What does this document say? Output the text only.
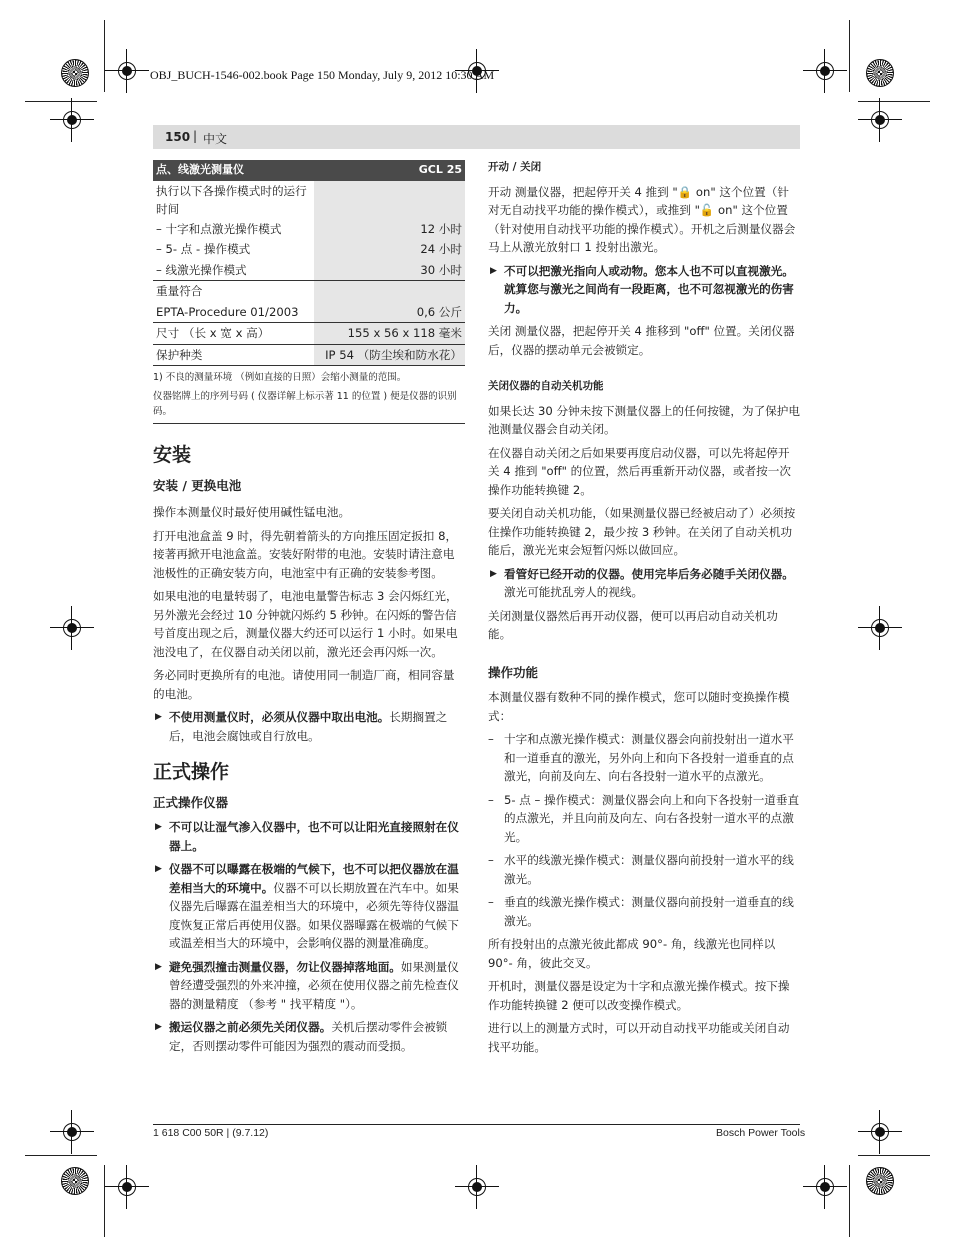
OBJ_BUCH-1546-002.book Page 150 Monday, July 9, 2012 10:30 AM
150 | 中文
点、线激光测量仪	GCL 25
执行以下各操作模式时的运行时间	
– 十字和点激光操作模式	12 小时
– 5- 点 - 操作模式	24 小时
– 线激光操作模式	30 小时
重量符合	
EPTA-Procedure 01/2003	0,6 公斤
尺寸 （长 x 宽 x 高）	155 x 56 x 118 毫米
保护种类	IP 54 （防尘埃和防水花）
1) 不良的测量环境 （例如直接的日照）会缩小测量的范围。
仪器铭牌上的序列号码 ( 仪器详解上标示著 11 的位置 ) 便是仪器的识别码。
安装
安装 / 更换电池

操作本测量仪时最好使用碱性锰电池。

打开电池盒盖 9 时，得先朝着箭头的方向推压固定扳扣 8，接著再掀开电池盒盖。安装好附带的电池。安装时请注意电池极性的正确安装方向，电池室中有正确的安装参考图。

如果电池的电量转弱了，电池电量警告标志 3 会闪烁红光，另外激光会经过 10 分钟就闪烁约 5 秒钟。在闪烁的警告信号首度出现之后，测量仪器大约还可以运行 1 小时。如果电池没电了，在仪器自动关闭以前，激光还会再闪烁一次。

务必同时更换所有的电池。请使用同一制造厂商，相同容量的电池。

▶ 不使用测量仪时，必须从仪器中取出电池。长期搁置之后，电池会腐蚀或自行放电。
正式操作
正式操作仪器
▶ 不可以让湿气渗入仪器中，也不可以让阳光直接照射在仪器上。
▶ 仪器不可以曝露在极端的气候下，也不可以把仪器放在温差相当大的环境中。仪器不可以长期放置在汽车中。如果仪器先后曝露在温差相当大的环境中，必须先等待仪器温度恢复正常后再使用仪器。如果仪器曝露在极端的气候下或温差相当大的环境中，会影响仪器的测量准确度。
▶ 避免强烈撞击测量仪器，勿让仪器掉落地面。如果测量仪曾经遭受强烈的外来冲撞，必须在使用仪器之前先检查仪器的测量精度 （参考 " 找平精度 "）。
▶ 搬运仪器之前必须先关闭仪器。关机后摆动零件会被锁定，否则摆动零件可能因为强烈的震动而受损。
开动 / 关闭

开动 测量仪器，把起停开关 4 推到 "🔒 on" 这个位置（针对无自动找平功能的操作模式），或推到 "🔓 on" 这个位置 （针对使用自动找平功能的操作模式）。开机之后测量仪器会马上从激光放射口 1 投射出激光。

▶ 不可以把激光指向人或动物。您本人也不可以直视激光。就算您与激光之间尚有一段距离，也不可忽视激光的伤害力。

关闭 测量仪器，把起停开关 4 推移到 "off" 位置。关闭仪器后，仪器的摆动单元会被锁定。

关闭仪器的自动关机功能

如果长达 30 分钟未按下测量仪器上的任何按键，为了保护电池测量仪器会自动关闭。

在仪器自动关闭之后如果要再度启动仪器，可以先将起停开关 4 推到 "off" 的位置，然后再重新开动仪器，或者按一次操作功能转换键 2。

要关闭自动关机功能，（如果测量仪器已经被启动了）必须按住操作功能转换键 2，最少按 3 秒钟。在关闭了自动关机功能后，激光光束会短暂闪烁以做回应。

▶ 看管好已经开动的仪器。使用完毕后务必随手关闭仪器。激光可能扰乱旁人的视线。

关闭测量仪器然后再开动仪器，便可以再启动自动关机功能。

操作功能

本测量仪器有数种不同的操作模式，您可以随时变换操作模式：

– 十字和点激光操作模式：测量仪器会向前投射出一道水平和一道垂直的激光，另外向上和向下各投射一道垂直的点激光，向前及向左、向右各投射一道水平的点激光。
– 5- 点 – 操作模式：测量仪器会向上和向下各投射一道垂直的点激光，并且向前及向左、向右各投射一道水平的点激光。
– 水平的线激光操作模式：测量仪器向前投射一道水平的线激光。
– 垂直的线激光操作模式：测量仪器向前投射一道垂直的线激光。

所有投射出的点激光彼此都成 90°- 角，线激光也同样以 90°- 角，彼此交叉。

开机时，测量仪器是设定为十字和点激光操作模式。按下操作功能转换键 2 便可以改变操作模式。

进行以上的测量方式时，可以开动自动找平功能或关闭自动找平功能。

1 618 C00 50R | (9.7.12)	Bosch Power Tools
